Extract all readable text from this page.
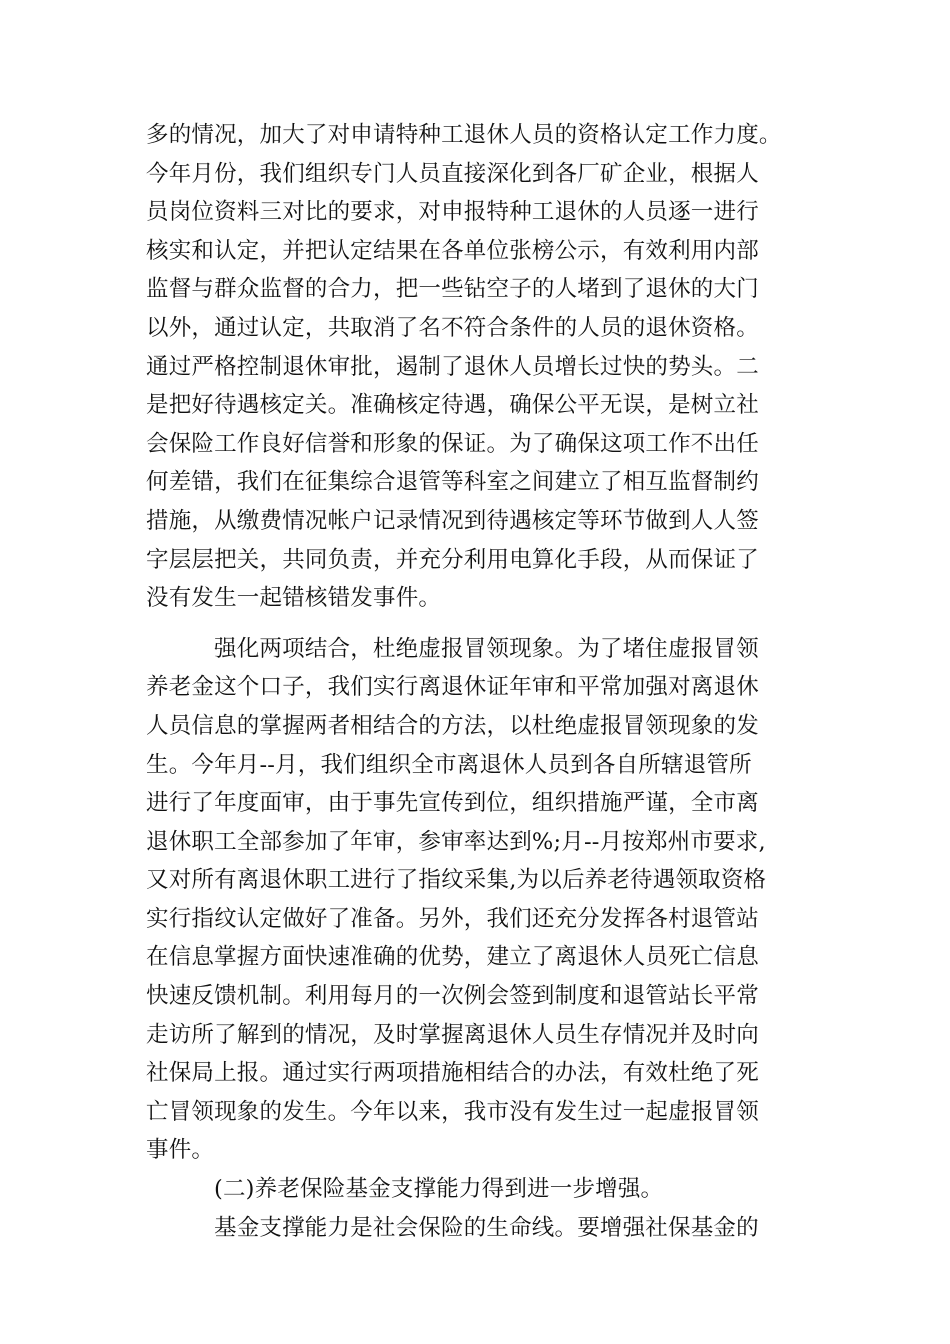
多的情况，加大了对申请特种工退休人员的资格认定工作力度。
今年月份，我们组织专门人员直接深化到各厂矿企业，根据人
员岗位资料三对比的要求，对申报特种工退休的人员逐一进行
核实和认定，并把认定结果在各单位张榜公示，有效利用内部
监督与群众监督的合力，把一些钻空子的人堵到了退休的大门
以外，通过认定，共取消了名不符合条件的人员的退休资格。
通过严格控制退休审批，遏制了退休人员增长过快的势头。二
是把好待遇核定关。准确核定待遇，确保公平无误，是树立社
会保险工作良好信誉和形象的保证。为了确保这项工作不出任
何差错，我们在征集综合退管等科室之间建立了相互监督制约
措施，从缴费情况帐户记录情况到待遇核定等环节做到人人签
字层层把关，共同负责，并充分利用电算化手段，从而保证了
没有发生一起错核错发事件。
强化两项结合，杜绝虚报冒领现象。为了堵住虚报冒领
养老金这个口子，我们实行离退休证年审和平常加强对离退休
人员信息的掌握两者相结合的方法，以杜绝虚报冒领现象的发
生。今年月--月，我们组织全市离退休人员到各自所辖退管所
进行了年度面审，由于事先宣传到位，组织措施严谨，全市离
退休职工全部参加了年审，参审率达到%;月--月按郑州市要求,
又对所有离退休职工进行了指纹采集,为以后养老待遇领取资格
实行指纹认定做好了准备。另外，我们还充分发挥各村退管站
在信息掌握方面快速准确的优势，建立了离退休人员死亡信息
快速反馈机制。利用每月的一次例会签到制度和退管站长平常
走访所了解到的情况，及时掌握离退休人员生存情况并及时向
社保局上报。通过实行两项措施相结合的办法，有效杜绝了死
亡冒领现象的发生。今年以来，我市没有发生过一起虚报冒领
事件。
(二)养老保险基金支撑能力得到进一步增强。
基金支撑能力是社会保险的生命线。要增强社保基金的
